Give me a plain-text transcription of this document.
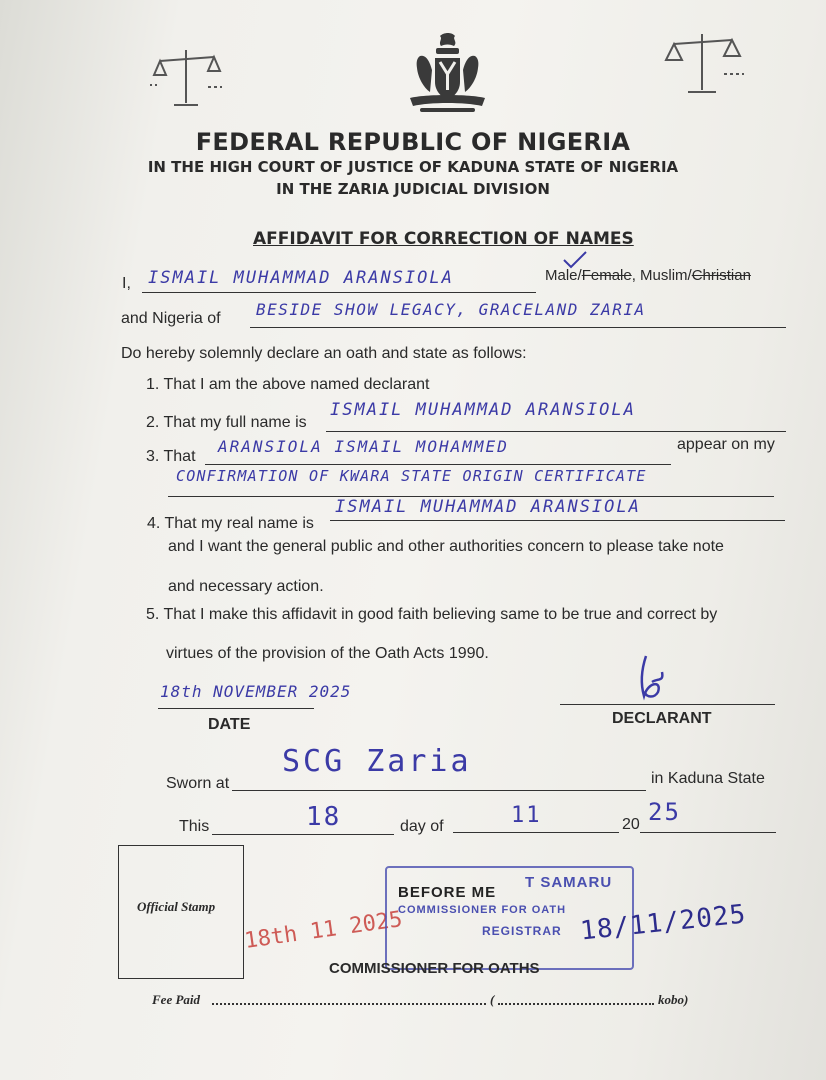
FEDERAL REPUBLIC OF NIGERIA
IN THE HIGH COURT OF JUSTICE OF KADUNA STATE OF NIGERIA
IN THE ZARIA JUDICIAL DIVISION
AFFIDAVIT FOR CORRECTION OF NAMES
I, ISMAIL MUHAMMAD ARANSIOLA	Male/Female, Muslim/Christian
and Nigeria of BESIDE SHOW LEGACY, GRACELAND ZARIA
Do hereby solemnly declare an oath and state as follows:
1. That I am the above named declarant
2. That my full name is
ISMAIL MUHAMMAD ARANSIOLA
3. That
ARANSIOLA ISMAIL MOHAMMED	appear on my
CONFIRMATION OF KWARA STATE ORIGIN CERTIFICATE
4. That my real name is
ISMAIL MUHAMMAD ARANSIOLA
and I want the general public and other authorities concern to please take note
and necessary action.
5. That I make this affidavit in good faith believing same to be true and correct by
virtues of the provision of the Oath Acts 1990.
18th NOVEMBER 2025
DATE	DECLARANT
Sworn at
SCG Zaria	in Kaduna State
This	18	day of	11	20 25
Official Stamp
18th 11 2025
BEFORE ME
T SAMARU
COMMISSIONER FOR OATH
REGISTRAR 18/11/2025
COMMISSIONER FOR OATHS
Fee Paid	(	kobo)
